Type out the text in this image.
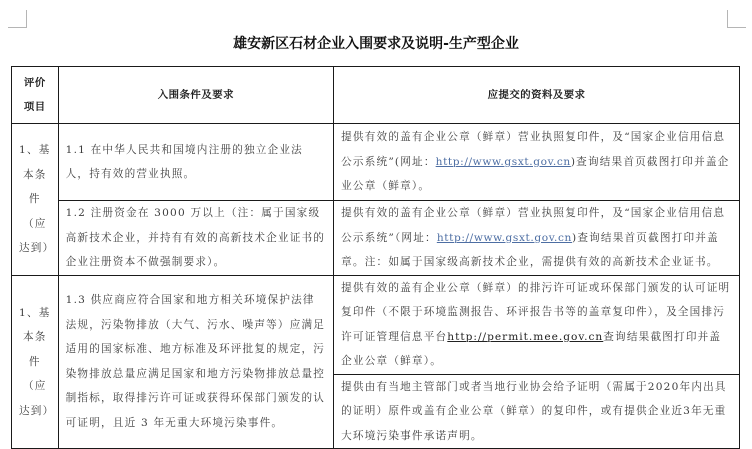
雄安新区石材企业入围要求及说明-生产型企业
评价项目	入围条件及要求	应提交的资料及要求
1、基本条件（应达到）	1.1 在中华人民共和国境内注册的独立企业法人，持有效的营业执照。	提供有效的盖有企业公章（鲜章）营业执照复印件，及“国家企业信用信息公示系统”(网址：http://www.gsxt.gov.cn)查询结果首页截图打印并盖企业公章（鲜章）。
	1.2 注册资金在 3000 万以上（注：属于国家级高新技术企业，并持有有效的高新技术企业证书的企业注册资本不做强制要求）。	提供有效的盖有企业公章（鲜章）营业执照复印件，及“国家企业信用信息公示系统”（网址：http://www.gsxt.gov.cn)查询结果首页截图打印并盖章。注：如属于国家级高新技术企业，需提供有效的高新技术企业证书。
1、基本条件（应达到）	1.3 供应商应符合国家和地方相关环境保护法律法规，污染物排放（大气、污水、噪声等）应满足适用的国家标准、地方标准及环评批复的规定，污染物排放总量应满足国家和地方污染物排放总量控制指标，取得排污许可证或获得环保部门颁发的认可证明，且近 3 年无重大环境污染事件。	提供有效的盖有企业公章（鲜章）的排污许可证或环保部门颁发的认可证明复印件（不限于环境监测报告、环评报告书等的盖章复印件），及全国排污许可证管理信息平台http://permit.mee.gov.cn查询结果截图打印并盖企业公章（鲜章）。
		提供由有当地主管部门或者当地行业协会给予证明（需属于2020年内出具的证明）原件或盖有企业公章（鲜章）的复印件，或有提供企业近3年无重大环境污染事件承诺声明。
